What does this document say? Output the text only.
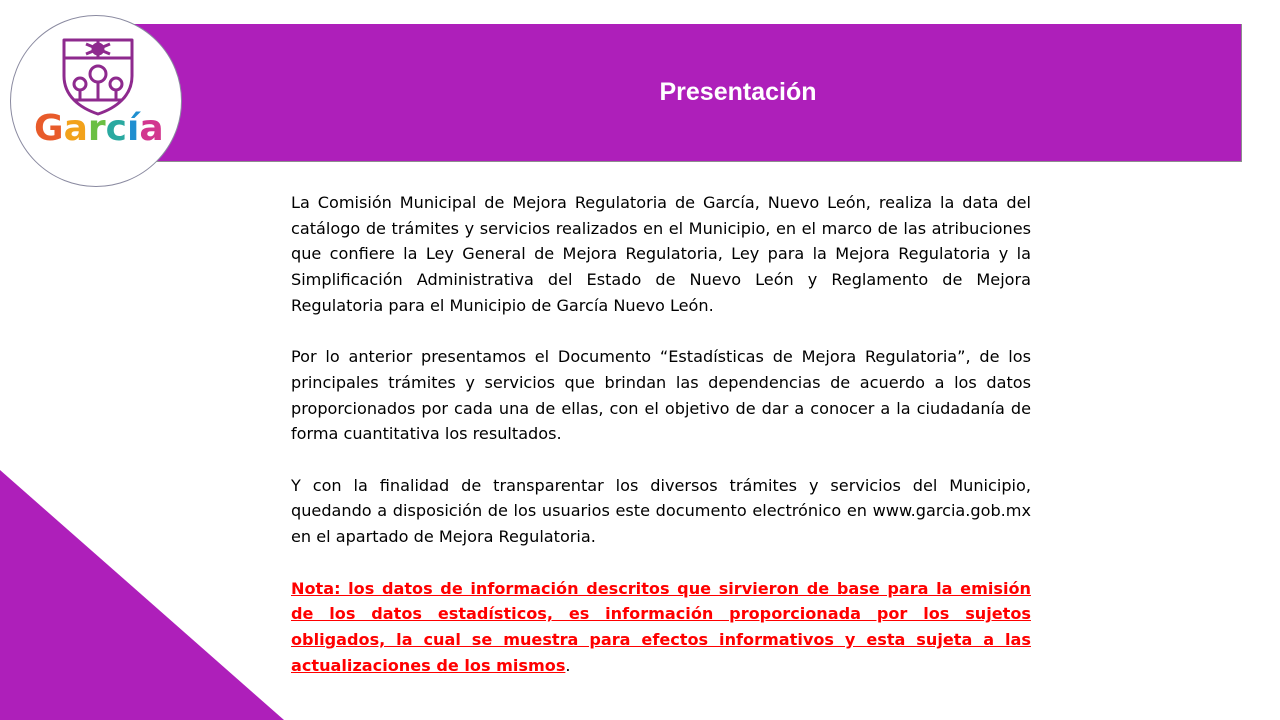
Presentación
García

La Comisión Municipal de Mejora Regulatoria de García, Nuevo León, realiza la data del catálogo de trámites y servicios realizados en el Municipio, en el marco de las atribuciones que confiere la Ley General de Mejora Regulatoria, Ley para la Mejora Regulatoria y la Simplificación Administrativa del Estado de Nuevo León y Reglamento de Mejora Regulatoria para el Municipio de García Nuevo León.

Por lo anterior presentamos el Documento “Estadísticas de Mejora Regulatoria”, de los principales trámites y servicios que brindan las dependencias de acuerdo a los datos proporcionados por cada una de ellas, con el objetivo de dar a conocer a la ciudadanía de forma cuantitativa los resultados.

Y con la finalidad de transparentar los diversos trámites y servicios del Municipio, quedando a disposición de los usuarios este documento electrónico en www.garcia.gob.mx en el apartado de Mejora Regulatoria.

Nota: los datos de información descritos que sirvieron de base para la emisión de los datos estadísticos, es información proporcionada por los sujetos obligados, la cual se muestra para efectos informativos y esta sujeta a las actualizaciones de los mismos.
